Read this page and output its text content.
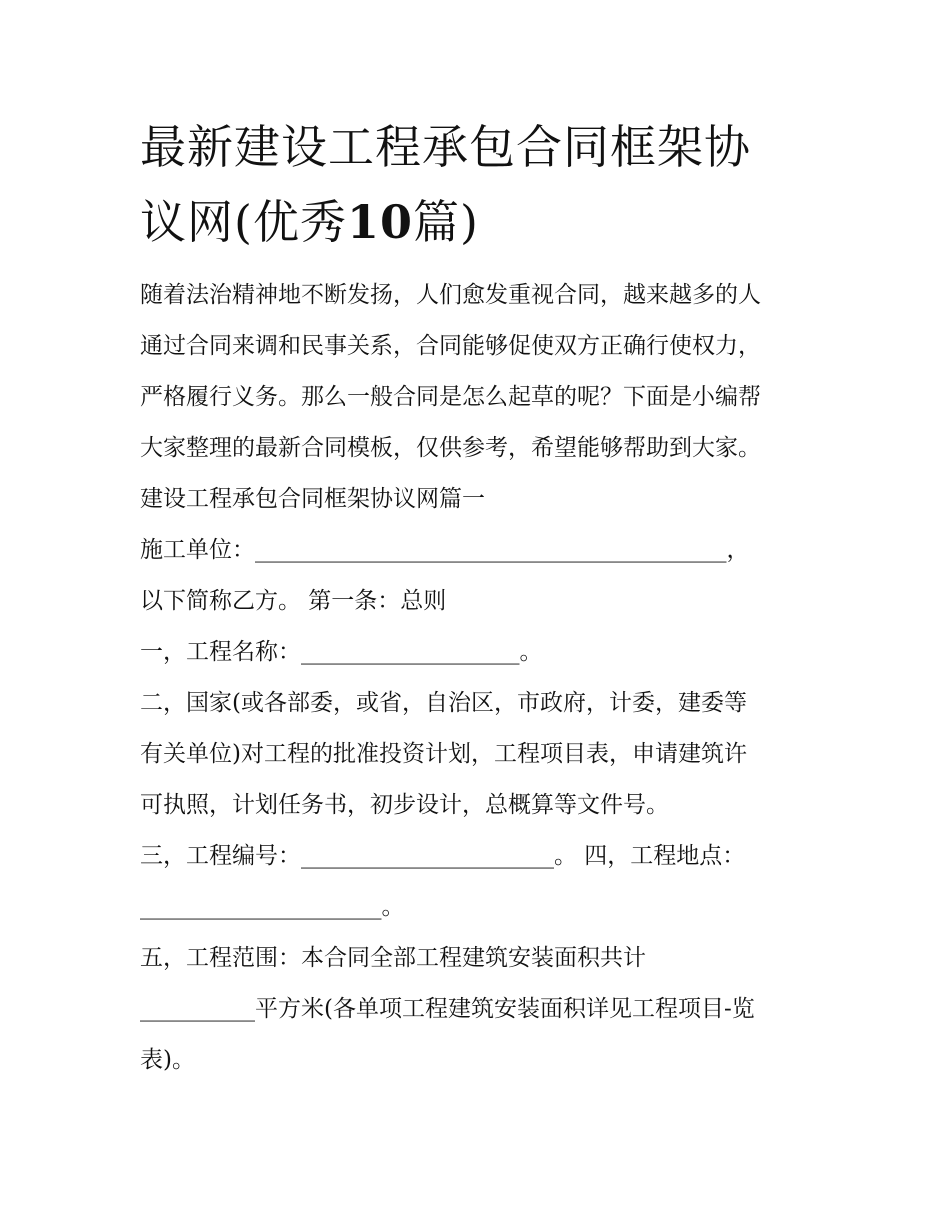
最新建设工程承包合同框架协
议网(优秀10篇)
随着法治精神地不断发扬，人们愈发重视合同，越来越多的人
通过合同来调和民事关系，合同能够促使双方正确行使权力，
严格履行义务。那么一般合同是怎么起草的呢？下面是小编帮
大家整理的最新合同模板，仅供参考，希望能够帮助到大家。
建设工程承包合同框架协议网篇一
施工单位：_________________________________________，
以下简称乙方。 第一条：总则
一，工程名称：___________________。
二，国家(或各部委，或省，自治区，市政府，计委，建委等
有关单位)对工程的批准投资计划，工程项目表，申请建筑许
可执照，计划任务书，初步设计，总概算等文件号。
三，工程编号：______________________。 四，工程地点：
_____________________。
五，工程范围：本合同全部工程建筑安装面积共计
__________平方米(各单项工程建筑安装面积详见工程项目-览
表)。
